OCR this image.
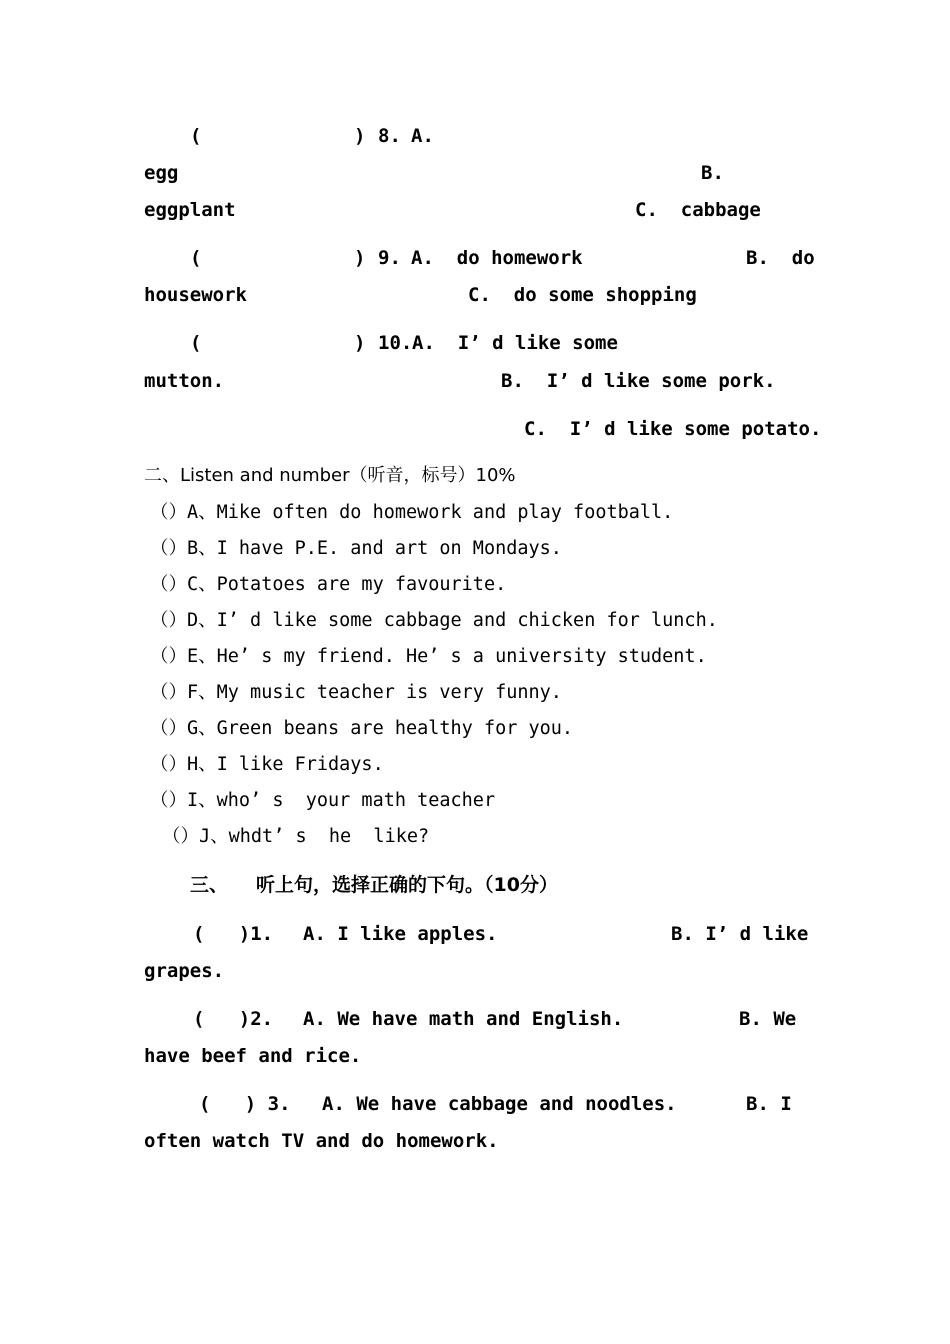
(	) 8. A.
egg	B.
eggplant	C.  cabbage
(	) 9. A.  do homework	B.  do
housework	C.  do some shopping
(	) 10. A.  I’ d like some
mutton.	B.  I’ d like some pork.
C.  I’ d like some potato.
二、Listen and number（听音，标号）10%
（）A、Mike often do homework and play football.
（）B、I have P.E. and art on Mondays.
（）C、Potatoes are my favourite.
（）D、I’ d like some cabbage and chicken for lunch.
（）E、He’ s my friend. He’ s a university student.
（）F、My music teacher is very funny.
（）G、Green beans are healthy for you.
（）H、I like Fridays.
（）I、who’ s  your math teacher
（）J、whdt’ s  he  like?
三、 听上句，选择正确的下句。（10分）
(   )1. A. I like apples.	B. I’ d like
grapes.
(   )2. A. We have math and English.	B. We
have beef and rice.
(   ) 3. A. We have cabbage and noodles.	B. I
often watch TV and do homework.
